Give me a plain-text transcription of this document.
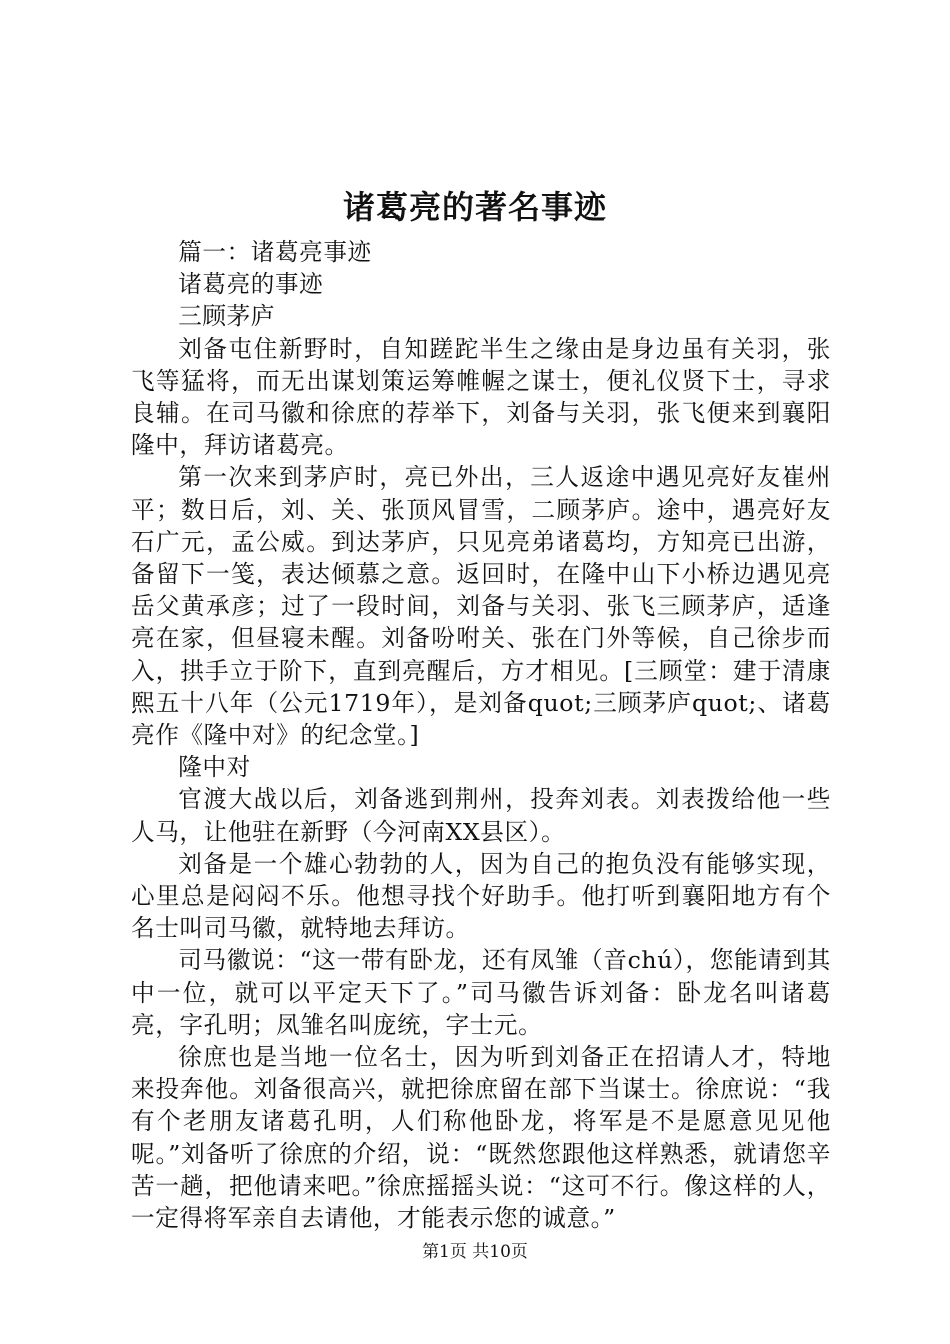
诸葛亮的著名事迹

篇一：诸葛亮事迹

诸葛亮的事迹

三顾茅庐

刘备屯住新野时，自知蹉跎半生之缘由是身边虽有关羽，张飞等猛将，而无出谋划策运筹帷幄之谋士，便礼仪贤下士，寻求良辅。在司马徽和徐庶的荐举下，刘备与关羽，张飞便来到襄阳隆中，拜访诸葛亮。

第一次来到茅庐时，亮已外出，三人返途中遇见亮好友崔州平；数日后，刘、关、张顶风冒雪，二顾茅庐。途中，遇亮好友石广元，孟公威。到达茅庐，只见亮弟诸葛均，方知亮已出游，备留下一笺，表达倾慕之意。返回时，在隆中山下小桥边遇见亮岳父黄承彦；过了一段时间，刘备与关羽、张飞三顾茅庐，适逢亮在家，但昼寝未醒。刘备吩咐关、张在门外等候，自己徐步而入，拱手立于阶下，直到亮醒后，方才相见。[三顾堂：建于清康熙五十八年（公元1719年），是刘备quot;三顾茅庐quot;、诸葛亮作《隆中对》的纪念堂。]

隆中对

官渡大战以后，刘备逃到荆州，投奔刘表。刘表拨给他一些人马，让他驻在新野（今河南XX县区）。

刘备是一个雄心勃勃的人，因为自己的抱负没有能够实现，心里总是闷闷不乐。他想寻找个好助手。他打听到襄阳地方有个名士叫司马徽，就特地去拜访。

司马徽说：“这一带有卧龙，还有凤雏（音chú），您能请到其中一位，就可以平定天下了。”司马徽告诉刘备：卧龙名叫诸葛亮，字孔明；凤雏名叫庞统，字士元。

徐庶也是当地一位名士，因为听到刘备正在招请人才，特地来投奔他。刘备很高兴，就把徐庶留在部下当谋士。徐庶说：“我有个老朋友诸葛孔明，人们称他卧龙，将军是不是愿意见见他呢。”刘备听了徐庶的介绍，说：“既然您跟他这样熟悉，就请您辛苦一趟，把他请来吧。”徐庶摇摇头说：“这可不行。像这样的人，一定得将军亲自去请他，才能表示您的诚意。”

第1页 共10页
